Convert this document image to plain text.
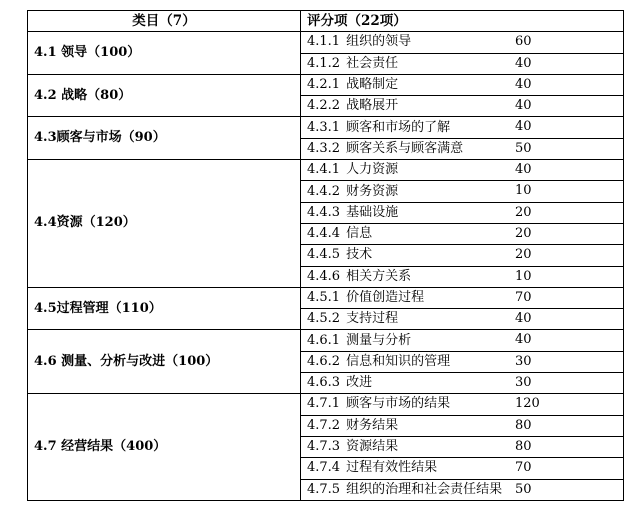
类目（7）	评分项（22项）
4.1 领导（100）	4.1.1 组织的领导 60

	4.1.2 社会责任 40

4.2 战略（80）	4.2.1 战略制定 40

	4.2.2 战略展开 40

4.3顾客与市场（90）	4.3.1 顾客和市场的了解 40

	4.3.2 顾客关系与顾客满意 50

4.4资源（120）	4.4.1 人力资源 40

	4.4.2 财务资源 10

	4.4.3 基础设施 20

	4.4.4 信息 20

	4.4.5 技术 20

	4.4.6 相关方关系 10

4.5过程管理（110）	4.5.1 价值创造过程 70

	4.5.2 支持过程 40

4.6 测量、分析与改进（100）	4.6.1 测量与分析 40

	4.6.2 信息和知识的管理 30

	4.6.3 改进 30

4.7 经营结果（400）	4.7.1 顾客与市场的结果 120

	4.7.2 财务结果 80

	4.7.3 资源结果 80

	4.7.4 过程有效性结果 70

	4.7.5 组织的治理和社会责任结果 50
